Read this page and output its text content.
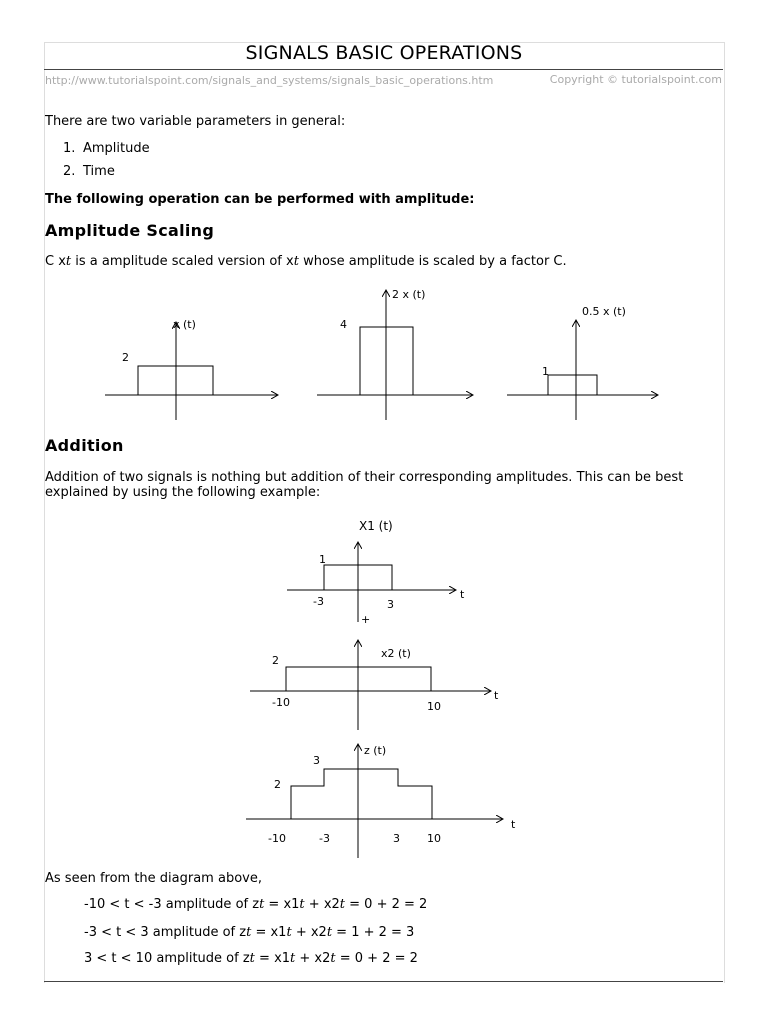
SIGNALS BASIC OPERATIONS
http://www.tutorialspoint.com/signals_and_systems/signals_basic_operations.htm	Copyright © tutorialspoint.com
There are two variable parameters in general:
1. Amplitude
2. Time
The following operation can be performed with amplitude:
Amplitude Scaling
C xt is a amplitude scaled version of xt whose amplitude is scaled by a factor C.
x (t)
2
2 x (t)
4
0.5 x (t)
1
X1 (t)
1
-3	3
t
+
x2 (t)
2
-10	10
t
z (t)
2
3
-10	-3	3 10
t
Addition
Addition of two signals is nothing but addition of their corresponding amplitudes. This can be best explained by using the following example:
As seen from the diagram above,
-10 < t < -3 amplitude of zt = x1t + x2t = 0 + 2 = 2
-3 < t < 3 amplitude of zt = x1t + x2t = 1 + 2 = 3
3 < t < 10 amplitude of zt = x1t + x2t = 0 + 2 = 2
